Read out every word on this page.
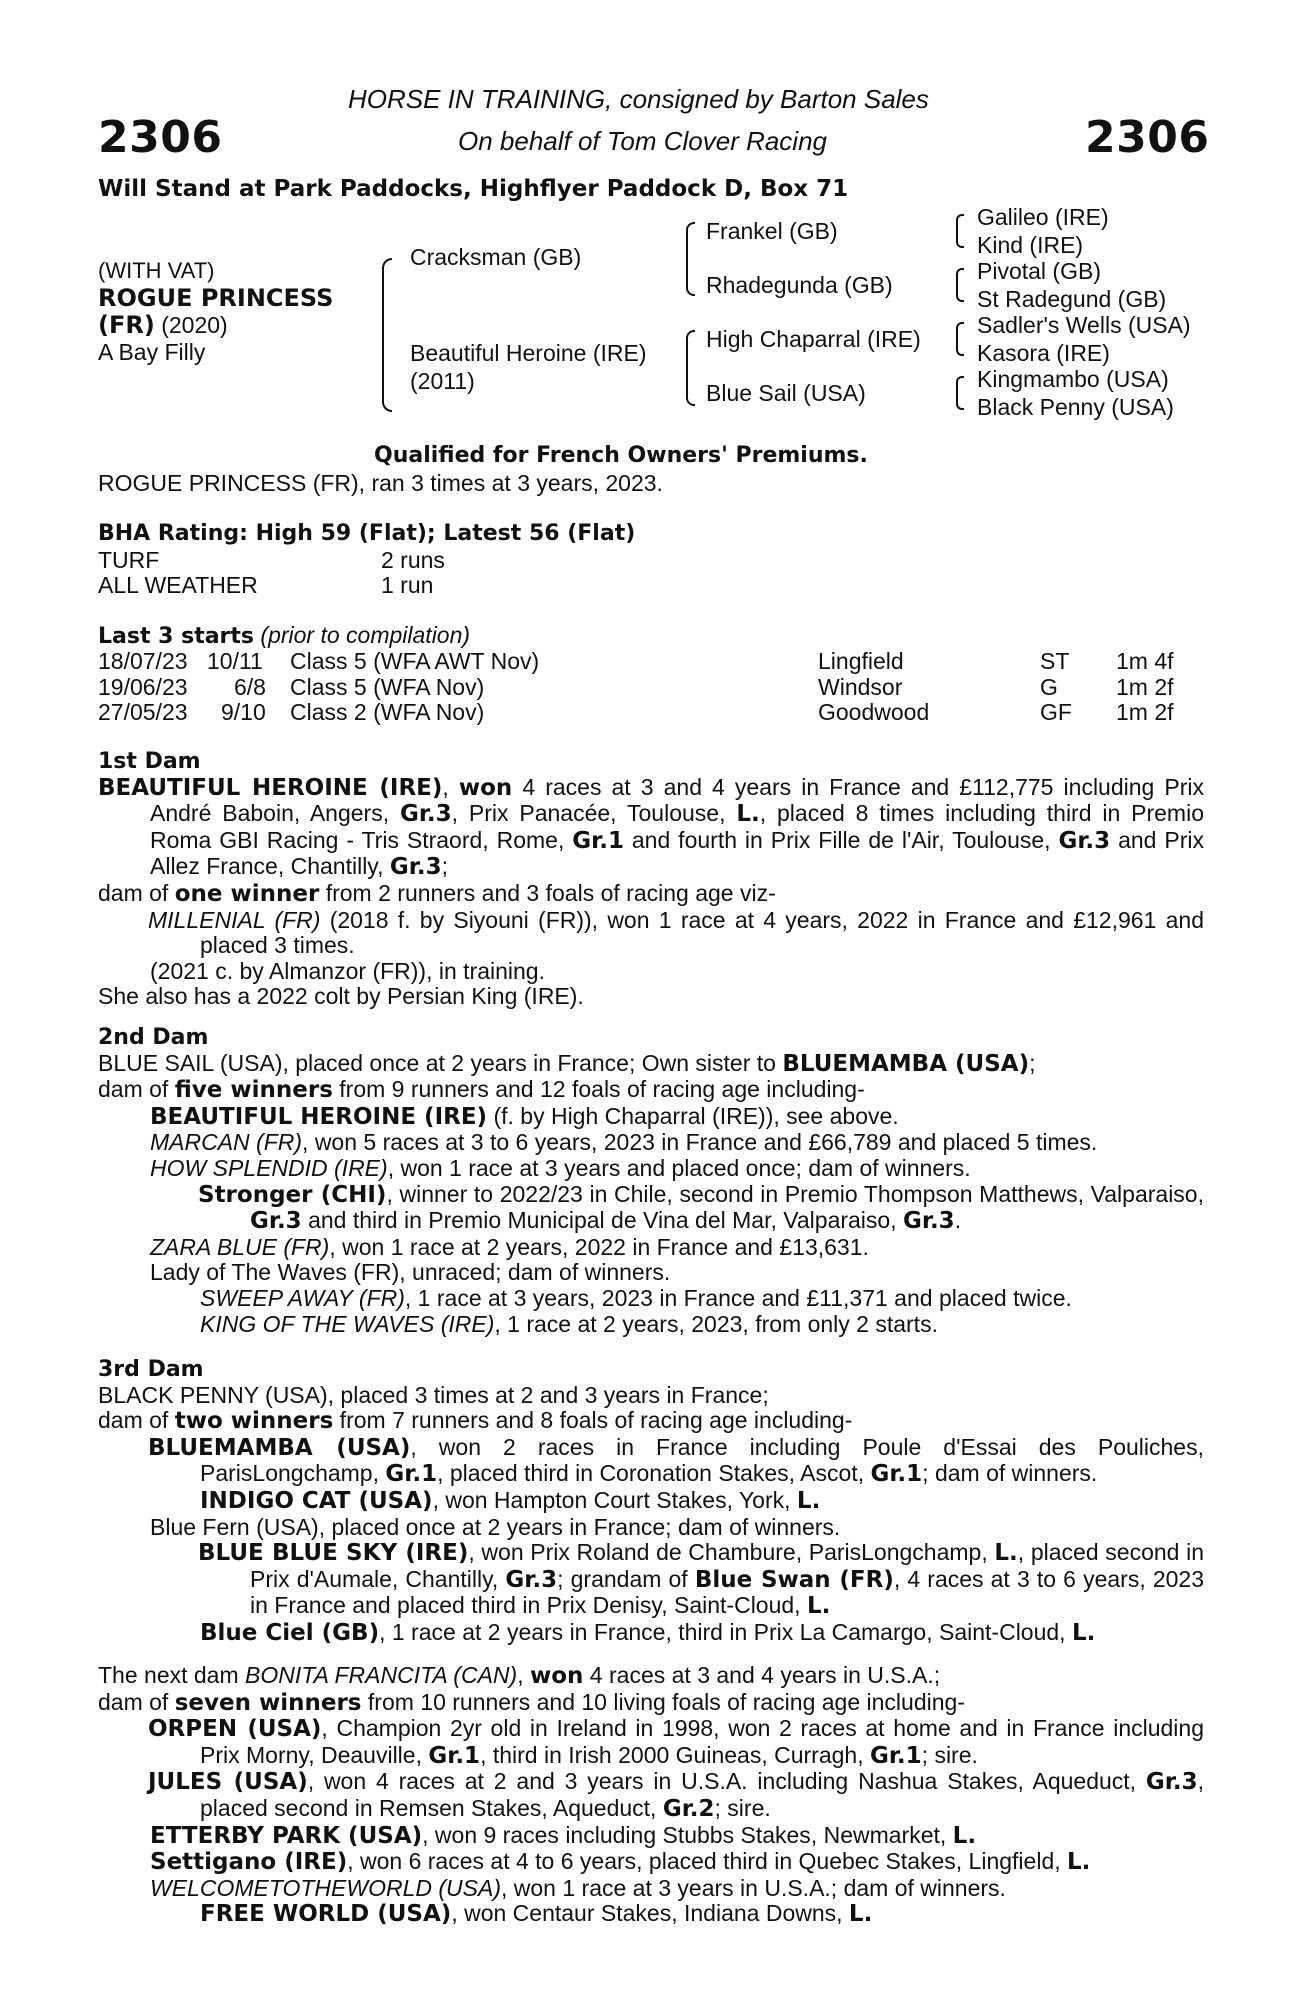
2306	2306
HORSE IN TRAINING, consigned by Barton Sales
On behalf of Tom Clover Racing
Will Stand at Park Paddocks, Highflyer Paddock D, Box 71
(WITH VAT)
ROGUE PRINCESS
(FR) (2020)
A Bay Filly
Cracksman (GB)
Beautiful Heroine (IRE)
(2011)
Frankel (GB)
Rhadegunda (GB)
High Chaparral (IRE)
Blue Sail (USA)
Galileo (IRE)
Kind (IRE)
Pivotal (GB)
St Radegund (GB)
Sadler's Wells (USA)
Kasora (IRE)
Kingmambo (USA)
Black Penny (USA)
Qualified for French Owners' Premiums.
ROGUE PRINCESS (FR), ran 3 times at 3 years, 2023.
BHA Rating: High 59 (Flat); Latest 56 (Flat)
TURF	2 runs
ALL WEATHER	1 run
Last 3 starts (prior to compilation)
18/07/23 10/11 Class 5 (WFA AWT Nov)	Lingfield	ST 1m 4f
19/06/23 6/8 Class 5 (WFA Nov)	Windsor	G	1m 2f
27/05/23 9/10 Class 2 (WFA Nov)	Goodwood	GF 1m 2f
1st Dam
BEAUTIFUL HEROINE (IRE), won 4 races at 3 and 4 years in France and £112,775 including Prix André Baboin, Angers, Gr.3, Prix Panacée, Toulouse, L., placed 8 times including third in Premio Roma GBI Racing - Tris Straord, Rome, Gr.1 and fourth in Prix Fille de l'Air, Toulouse, Gr.3 and Prix Allez France, Chantilly, Gr.3;
dam of one winner from 2 runners and 3 foals of racing age viz-
MILLENIAL (FR) (2018 f. by Siyouni (FR)), won 1 race at 4 years, 2022 in France and £12,961 and placed 3 times.
(2021 c. by Almanzor (FR)), in training.
She also has a 2022 colt by Persian King (IRE).
2nd Dam
BLUE SAIL (USA), placed once at 2 years in France; Own sister to BLUEMAMBA (USA);
dam of five winners from 9 runners and 12 foals of racing age including-
BEAUTIFUL HEROINE (IRE) (f. by High Chaparral (IRE)), see above.
MARCAN (FR), won 5 races at 3 to 6 years, 2023 in France and £66,789 and placed 5 times.
HOW SPLENDID (IRE), won 1 race at 3 years and placed once; dam of winners.
Stronger (CHI), winner to 2022/23 in Chile, second in Premio Thompson Matthews, Valparaiso, Gr.3 and third in Premio Municipal de Vina del Mar, Valparaiso, Gr.3.
ZARA BLUE (FR), won 1 race at 2 years, 2022 in France and £13,631.
Lady of The Waves (FR), unraced; dam of winners.
SWEEP AWAY (FR), 1 race at 3 years, 2023 in France and £11,371 and placed twice.
KING OF THE WAVES (IRE), 1 race at 2 years, 2023, from only 2 starts.
3rd Dam
BLACK PENNY (USA), placed 3 times at 2 and 3 years in France;
dam of two winners from 7 runners and 8 foals of racing age including-
BLUEMAMBA (USA), won 2 races in France including Poule d'Essai des Pouliches, ParisLongchamp, Gr.1, placed third in Coronation Stakes, Ascot, Gr.1; dam of winners.
INDIGO CAT (USA), won Hampton Court Stakes, York, L.
Blue Fern (USA), placed once at 2 years in France; dam of winners.
BLUE BLUE SKY (IRE), won Prix Roland de Chambure, ParisLongchamp, L., placed second in Prix d'Aumale, Chantilly, Gr.3; grandam of Blue Swan (FR), 4 races at 3 to 6 years, 2023 in France and placed third in Prix Denisy, Saint-Cloud, L.
Blue Ciel (GB), 1 race at 2 years in France, third in Prix La Camargo, Saint-Cloud, L.
The next dam BONITA FRANCITA (CAN), won 4 races at 3 and 4 years in U.S.A.;
dam of seven winners from 10 runners and 10 living foals of racing age including-
ORPEN (USA), Champion 2yr old in Ireland in 1998, won 2 races at home and in France including Prix Morny, Deauville, Gr.1, third in Irish 2000 Guineas, Curragh, Gr.1; sire.
JULES (USA), won 4 races at 2 and 3 years in U.S.A. including Nashua Stakes, Aqueduct, Gr.3, placed second in Remsen Stakes, Aqueduct, Gr.2; sire.
ETTERBY PARK (USA), won 9 races including Stubbs Stakes, Newmarket, L.
Settigano (IRE), won 6 races at 4 to 6 years, placed third in Quebec Stakes, Lingfield, L.
WELCOMETOTHEWORLD (USA), won 1 race at 3 years in U.S.A.; dam of winners.
FREE WORLD (USA), won Centaur Stakes, Indiana Downs, L.
